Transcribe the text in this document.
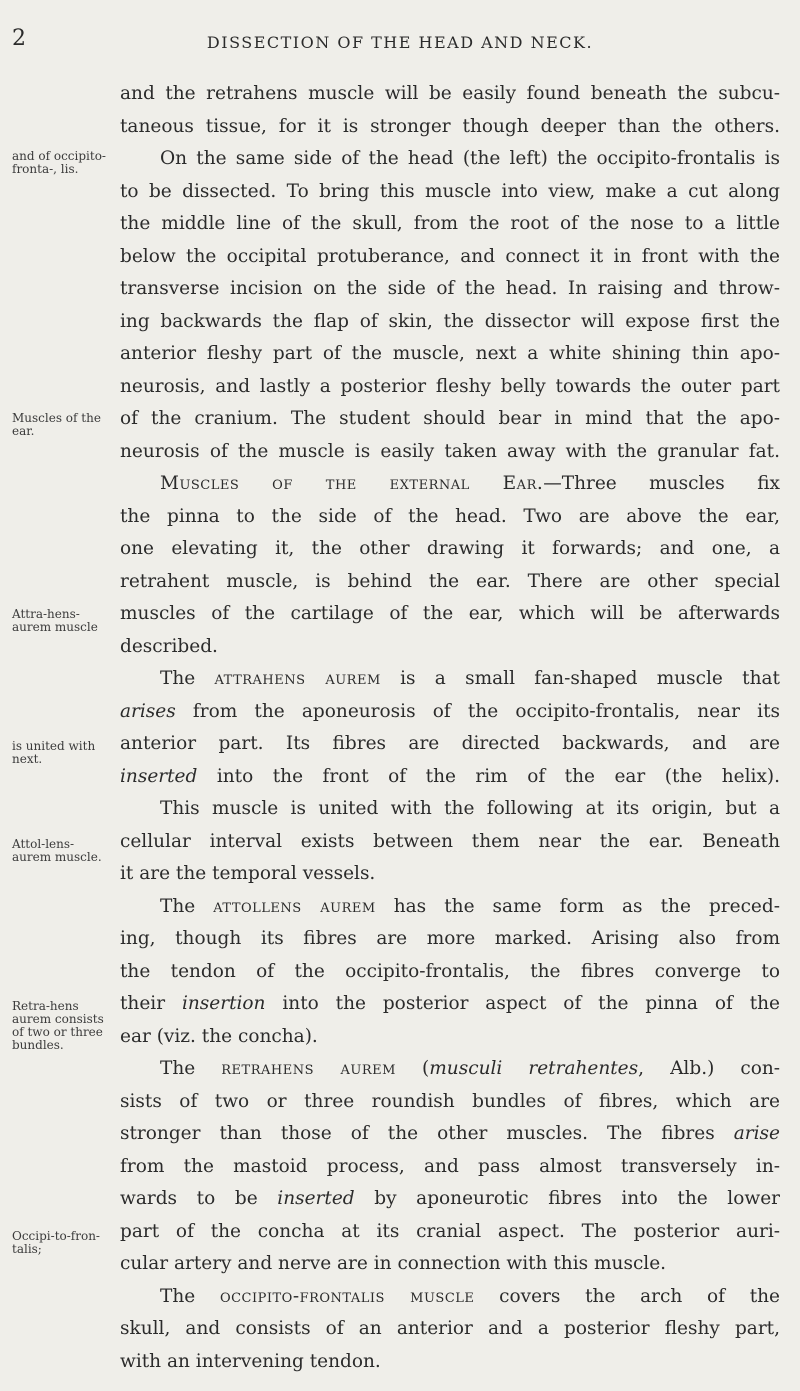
2	DISSECTION OF THE HEAD AND NECK.
and of occipito-fronta-, lis.
Muscles of the ear.
Attra-hens-aurem muscle
is united with next.
Attol-lens-aurem muscle.
Retra-hens aurem consists of two or three bundles.
Occipi-to-fron-talis;
and the retrahens muscle will be easily found beneath the subcu-
taneous tissue, for it is stronger though deeper than the others.
On the same side of the head (the left) the occipito-frontalis is
to be dissected. To bring this muscle into view, make a cut along
the middle line of the skull, from the root of the nose to a little
below the occipital protuberance, and connect it in front with the
transverse incision on the side of the head. In raising and throw-
ing backwards the flap of skin, the dissector will expose first the
anterior fleshy part of the muscle, next a white shining thin apo-
neurosis, and lastly a posterior fleshy belly towards the outer part
of the cranium. The student should bear in mind that the apo-
neurosis of the muscle is easily taken away with the granular fat.
Muscles of the external Ear.—Three muscles fix
the pinna to the side of the head. Two are above the ear,
one elevating it, the other drawing it forwards; and one, a
retrahent muscle, is behind the ear. There are other special
muscles of the cartilage of the ear, which will be afterwards
described.
The attrahens aurem is a small fan-shaped muscle that
arises from the aponeurosis of the occipito-frontalis, near its
anterior part. Its fibres are directed backwards, and are
inserted into the front of the rim of the ear (the helix).
This muscle is united with the following at its origin, but a
cellular interval exists between them near the ear. Beneath
it are the temporal vessels.
The attollens aurem has the same form as the preced-
ing, though its fibres are more marked. Arising also from
the tendon of the occipito-frontalis, the fibres converge to
their insertion into the posterior aspect of the pinna of the
ear (viz. the concha).
The retrahens aurem (musculi retrahentes, Alb.) con-
sists of two or three roundish bundles of fibres, which are
stronger than those of the other muscles. The fibres arise
from the mastoid process, and pass almost transversely in-
wards to be inserted by aponeurotic fibres into the lower
part of the concha at its cranial aspect. The posterior auri-
cular artery and nerve are in connection with this muscle.
The occipito-frontalis muscle covers the arch of the
skull, and consists of an anterior and a posterior fleshy part,
with an intervening tendon.
